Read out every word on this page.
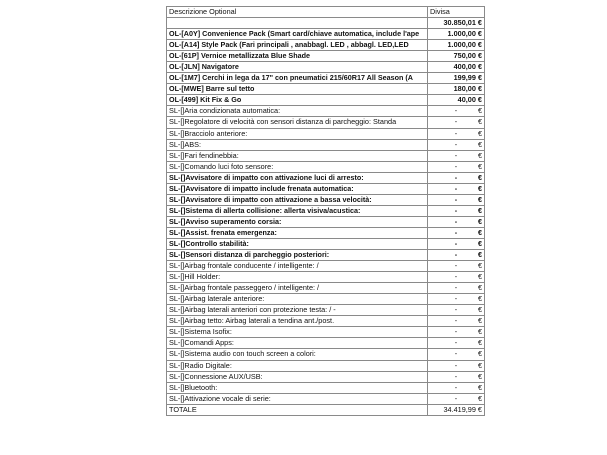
Descrizione Optional	Divisa
	30.850,01 €
OL-[A0Y] Convenience Pack (Smart card/chiave automatica, include l'ape	1.000,00 €
OL-[A14] Style Pack (Fari principali , anabbagl. LED , abbagl. LED,LED	1.000,00 €
OL-[61P] Vernice metallizzata Blue Shade	750,00 €
OL-[JLN] Navigatore	400,00 €
OL-[1M7] Cerchi in lega da 17" con pneumatici 215/60R17 All Season (A	199,99 €
OL-[MWE] Barre sul tetto	180,00 €
OL-[499] Kit Fix & Go	40,00 €
SL-[]Aria condizionata automatica:	- €
SL-[]Regolatore di velocità con sensori distanza di parcheggio: Standa	- €
SL-[]Bracciolo anteriore:	- €
SL-[]ABS:	- €
SL-[]Fari fendinebbia:	- €
SL-[]Comando luci foto sensore:	- €
SL-[]Avvisatore di impatto con attivazione luci di arresto:	- €
SL-[]Avvisatore di impatto include frenata automatica:	- €
SL-[]Avvisatore di impatto con attivazione a bassa velocità:	- €
SL-[]Sistema di allerta collisione: allerta visiva/acustica:	- €
SL-[]Avviso superamento corsia:	- €
SL-[]Assist. frenata emergenza:	- €
SL-[]Controllo stabilità:	- €
SL-[]Sensori distanza di parcheggio posteriori:	- €
SL-[]Airbag frontale conducente / intelligente: /	- €
SL-[]Hill Holder:	- €
SL-[]Airbag frontale passeggero / intelligente: /	- €
SL-[]Airbag laterale anteriore:	- €
SL-[]Airbag laterali anteriori con protezione testa: / -	- €
SL-[]Airbag tetto: Airbag laterali a tendina ant./post.	- €
SL-[]Sistema Isofix:	- €
SL-[]Comandi Apps:	- €
SL-[]Sistema audio con touch screen a colori:	- €
SL-[]Radio Digitale:	- €
SL-[]Connessione AUX/USB:	- €
SL-[]Bluetooth:	- €
SL-[]Attivazione vocale di serie:	- €
TOTALE	34.419,99 €
